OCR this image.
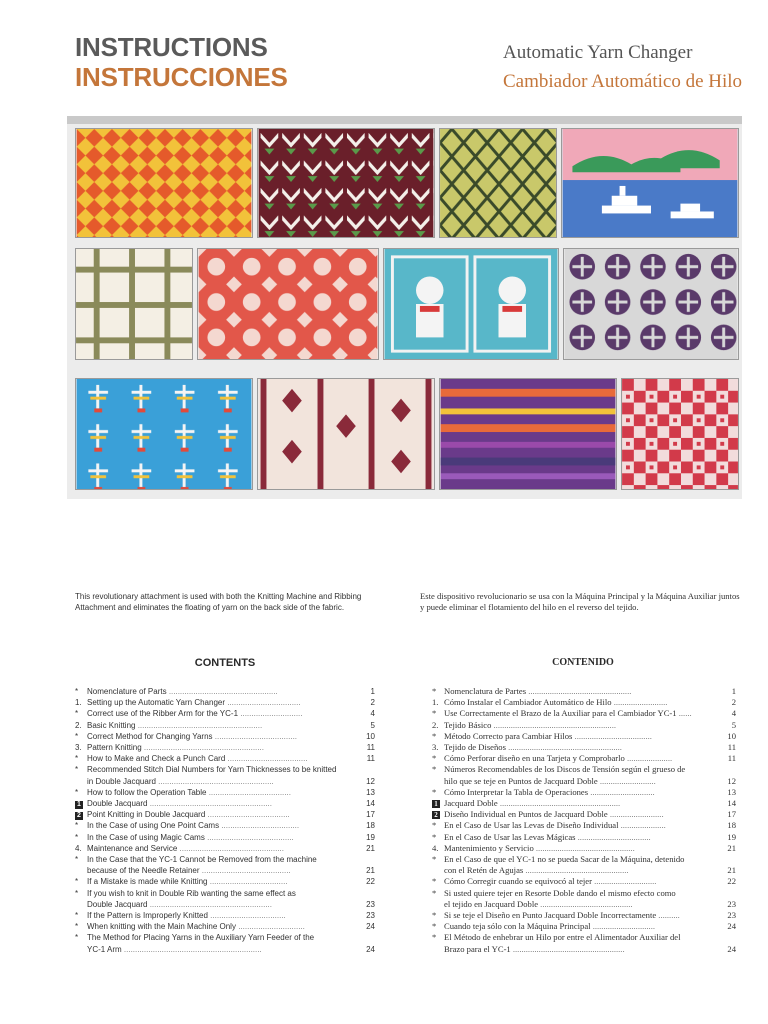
INSTRUCTIONS
INSTRUCCIONES
Automatic Yarn Changer
Cambiador Automático de Hilo
This revolutionary attachment is used with both the Knitting Machine and Ribbing Attachment and eliminates the floating of yarn on the back side of the fabric.
Este dispositivo revolucionario se usa con la Máquina Principal y la Máquina Auxiliar juntos y puede eliminar el flotamiento del hilo en el reverso del tejido.
CONTENTS	CONTENIDO
* Nomenclature of Parts .................................................	1
1. Setting up the Automatic Yarn Changer .................................	2
* Correct use of the Ribber Arm for the YC-1 ............................	4
2. Basic Knitting ........................................................	5
* Correct Method for Changing Yarns .....................................	10
3. Pattern Knitting ......................................................	11
* How to Make and Check a Punch Card ....................................	11
* Recommended Stitch Dial Numbers for Yarn Thicknesses to be knitted
in Double Jacquard ....................................................	12
* How to follow the Operation Table .....................................	13
1 Double Jacquard .......................................................	14
2 Point Knitting in Double Jacquard .....................................	17
* In the Case of using One Point Cams ...................................	18
* In the Case of using Magic Cams .......................................	19
4. Maintenance and Service ...............................................	21
* In the Case that the YC-1 Cannot be Removed from the machine
because of the Needle Retainer ........................................	21
* If a Mistake is made while Knitting ...................................	22
* If you wish to knit in Double Rib wanting the same effect as
Double Jacquard .......................................................	23
* If the Pattern is Improperly Knitted ..................................	23
* When knitting with the Main Machine Only ..............................	24
* The Method for Placing Yarns in the Auxiliary Yarn Feeder of the
YC-1 Arm ..............................................................	24
* Nomenclatura de Partes ................................................	1
1. Cómo Instalar el Cambiador Automático de Hilo .........................	2
* Use Correctamente el Brazo de la Auxiliar para el Cambiador YC-1 ......	4
2. Tejido Básico .........................................................	5
* Método Correcto para Cambiar Hilos ....................................	10
3. Tejido de Diseños .....................................................	11
* Cómo Perforar diseño en una Tarjeta y Comprobarlo .....................	11
* Números Recomendables de los Discos de Tensión según el grueso de
hilo que se teje en Puntos de Jacquard Doble ..........................	12
* Cómo Interpretar la Tabla de Operaciones ..............................	13
1 Jacquard Doble ........................................................	14
2 Diseño Individual en Puntos de Jacquard Doble .........................	17
* En el Caso de Usar las Levas de Diseño Individual .....................	18
* En el Caso de Usar las Levas Mágicas ..................................	19
4. Mantenimiento y Servicio ..............................................	21
* En el Caso de que el YC-1 no se pueda Sacar de la Máquina, detenido
con el Retén de Agujas ................................................	21
* Cómo Corregir cuando se equivocó al tejer .............................	22
* Si usted quiere tejer en Resorte Doble dando el mismo efecto como
el tejido en Jacquard Doble ...........................................	23
* Si se teje el Diseño en Punto Jacquard Doble Incorrectamente ..........	23
* Cuando teja sólo con la Máquina Principal .............................	24
* El Método de enhebrar un Hilo por entre el Alimentador Auxiliar del
Brazo para el YC-1 ....................................................	24
